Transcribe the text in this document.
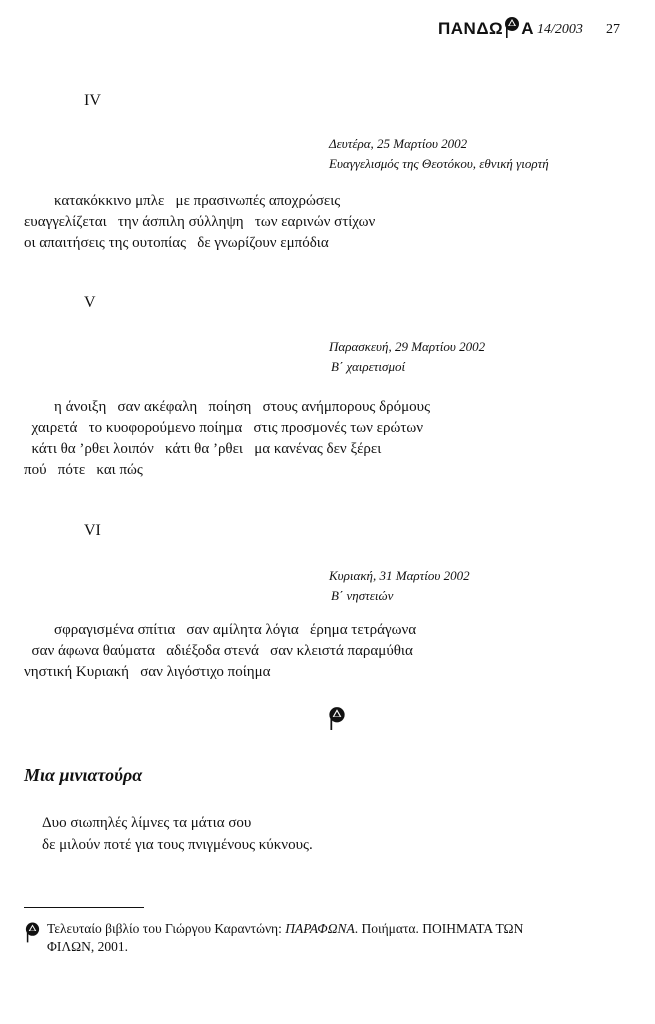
ΠΑΝΔΩ Α 14/2003 27
IV
Δευτέρα, 25 Μαρτίου 2002
Ευαγγελισμός της Θεοτόκου, εθνική γιορτή
κατακόκκινο μπλε   με πρασινωπές αποχρώσεις
ευαγγελίζεται   την άσπιλη σύλληψη   των εαρινών στίχων
οι απαιτήσεις της ουτοπίας   δε γνωρίζουν εμπόδια
V
Παρασκευή, 29 Μαρτίου 2002
Β΄ χαιρετισμοί
η άνοιξη   σαν ακέφαλη   ποίηση   στους ανήμπορους δρόμους
χαιρετά   το κυοφορούμενο ποίημα   στις προσμονές των ερώτων
κάτι θα ’ρθει λοιπόν   κάτι θα ’ρθει   μα κανένας δεν ξέρει
πού   πότε   και πώς
VI
Κυριακή, 31 Μαρτίου 2002
Β΄ νηστειών
σφραγισμένα σπίτια   σαν αμίλητα λόγια   έρημα τετράγωνα
σαν άφωνα θαύματα   αδιέξοδα στενά   σαν κλειστά παραμύθια
νηστική Κυριακή   σαν λιγόστιχο ποίημα
Μια μινιατούρα
Δυο σιωπηλές λίμνες τα μάτια σου
δε μιλούν ποτέ για τους πνιγμένους κύκνους.
Τελευταίο βιβλίο του Γιώργου Καραντώνη: ΠΑΡΑΦΩΝΑ. Ποιήματα. ΠΟΙΗΜΑΤΑ ΤΩΝ
ΦΙΛΩΝ, 2001.
